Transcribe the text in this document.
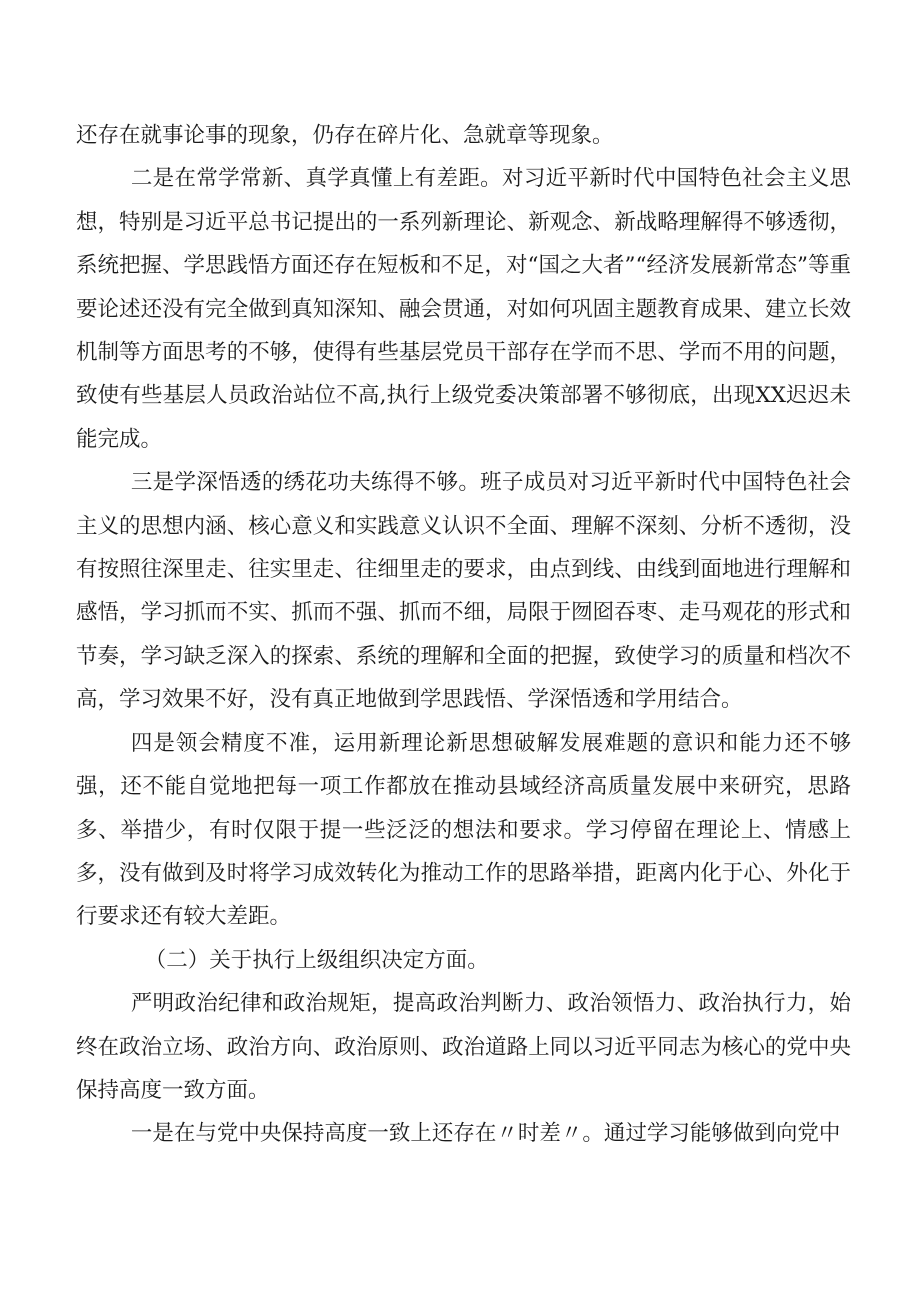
还存在就事论事的现象，仍存在碎片化、急就章等现象。

二是在常学常新、真学真懂上有差距。对习近平新时代中国特色社会主义思想，特别是习近平总书记提出的一系列新理论、新观念、新战略理解得不够透彻，系统把握、学思践悟方面还存在短板和不足，对“国之大者”“经济发展新常态”等重要论述还没有完全做到真知深知、融会贯通，对如何巩固主题教育成果、建立长效机制等方面思考的不够，使得有些基层党员干部存在学而不思、学而不用的问题，致使有些基层人员政治站位不高,执行上级党委决策部署不够彻底，出现XX迟迟未能完成。

三是学深悟透的绣花功夫练得不够。班子成员对习近平新时代中国特色社会主义的思想内涵、核心意义和实践意义认识不全面、理解不深刻、分析不透彻，没有按照往深里走、往实里走、往细里走的要求，由点到线、由线到面地进行理解和感悟，学习抓而不实、抓而不强、抓而不细，局限于囫囵吞枣、走马观花的形式和节奏，学习缺乏深入的探索、系统的理解和全面的把握，致使学习的质量和档次不高，学习效果不好，没有真正地做到学思践悟、学深悟透和学用结合。

四是领会精度不准，运用新理论新思想破解发展难题的意识和能力还不够强，还不能自觉地把每一项工作都放在推动县域经济高质量发展中来研究，思路多、举措少，有时仅限于提一些泛泛的想法和要求。学习停留在理论上、情感上多，没有做到及时将学习成效转化为推动工作的思路举措，距离内化于心、外化于行要求还有较大差距。

（二）关于执行上级组织决定方面。

严明政治纪律和政治规矩，提高政治判断力、政治领悟力、政治执行力，始终在政治立场、政治方向、政治原则、政治道路上同以习近平同志为核心的党中央保持高度一致方面。

一是在与党中央保持高度一致上还存在〃时差〃。通过学习能够做到向党中
